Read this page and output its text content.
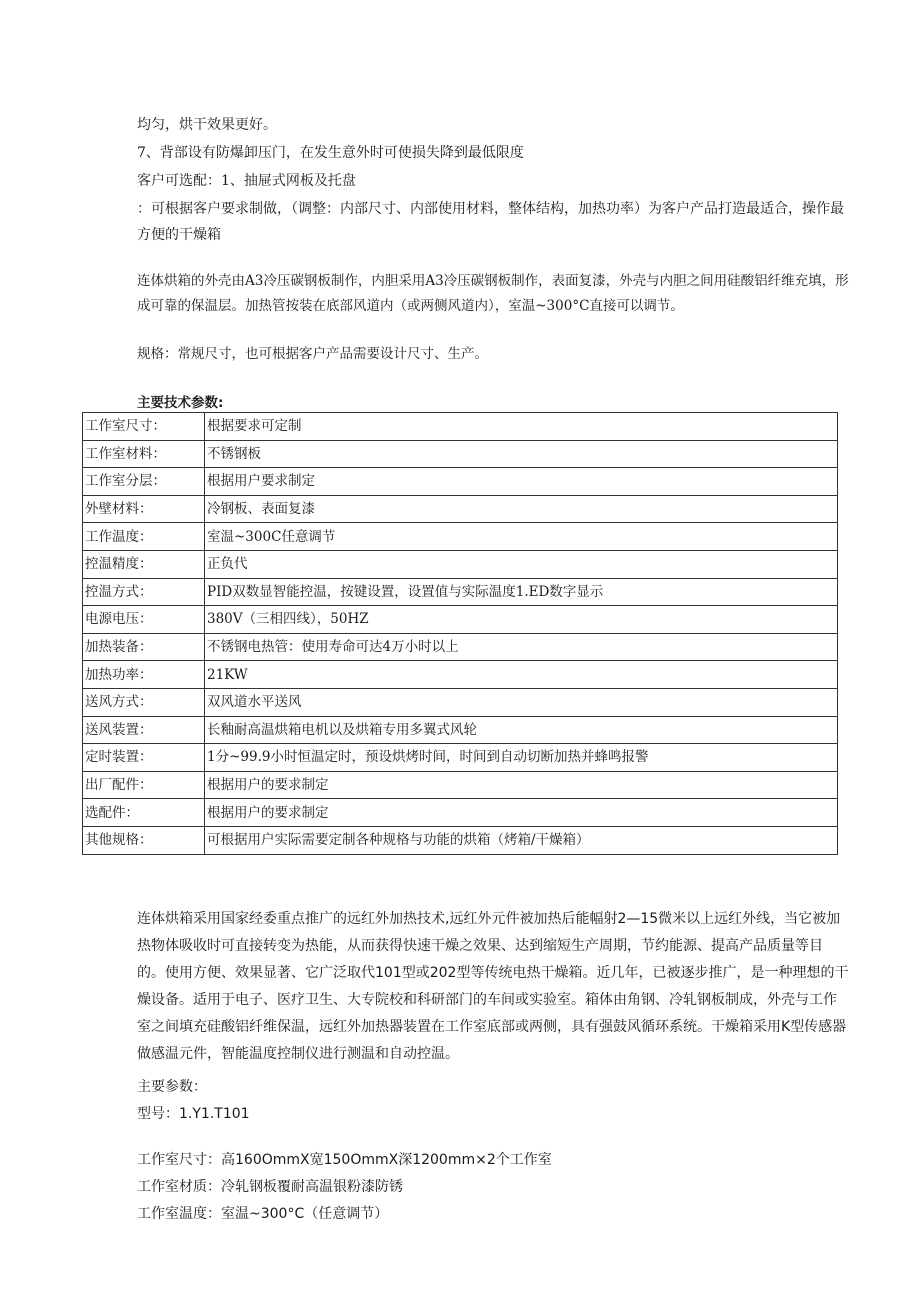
均匀，烘干效果更好。

7、背部设有防爆卸压门，在发生意外时可使损失降到最低限度

客户可选配：1、抽屉式网板及托盘

：可根据客户要求制做，（调整：内部尺寸、内部使用材料，整体结构，加热功率）为客户产品打造最适合，操作最方便的干燥箱

连体烘箱的外壳由A3冷压碳钢板制作，内胆采用A3冷压碳钢板制作，表面复漆，外壳与内胆之间用硅酸铝纤维充填，形成可靠的保温层。加热管按装在底部风道内（或两侧风道内），室温~300°C直接可以调节。

规格：常规尺寸，也可根据客户产品需要设计尺寸、生产。

主要技术参数:

工作室尺寸：	根据要求可定制
工作室材料：	不锈钢板
工作室分层：	根据用户要求制定
外壁材料：	冷钢板、表面复漆
工作温度：	室温~300C任意调节
控温精度：	正负代
控温方式：	PID双数显智能控温，按键设置，设置值与实际温度1.ED数字显示
电源电压：	380V（三相四线），50HZ
加热装备：	不锈钢电热管：使用寿命可达4万小时以上
加热功率：	21KW
送风方式：	双风道水平送风
送风装置：	长釉耐高温烘箱电机以及烘箱专用多翼式风轮
定时装置：	1分~99.9小时恒温定时，预设烘烤时间，时间到自动切断加热并蜂鸣报警
出厂配件：	根据用户的要求制定
选配件：	根据用户的要求制定
其他规格：	可根据用户实际需要定制各种规格与功能的烘箱（烤箱/干燥箱）

连体烘箱采用国家经委重点推广的远红外加热技术,远红外元件被加热后能幅射2—15微米以上远红外线，当它被加热物体吸收时可直接转变为热能，从而获得快速干燥之效果、达到缩短生产周期，节约能源、提高产品质量等目的。使用方便、效果显著、它广泛取代101型或202型等传统电热干燥箱。近几年，已被逐步推广，是一种理想的干燥设备。适用于电子、医疗卫生、大专院校和科研部门的车间或实验室。箱体由角钢、冷轧钢板制成，外壳与工作室之间填充硅酸铝纤维保温，远红外加热器装置在工作室底部或两侧，具有强鼓风循环系统。干燥箱采用K型传感器做感温元件，智能温度控制仪进行测温和自动控温。

主要参数：

型号：1.Y1.T101

工作室尺寸：高160OmmX宽150OmmX深1200mm×2个工作室

工作室材质：冷轧钢板覆耐高温银粉漆防锈

工作室温度：室温~300°C（任意调节）
